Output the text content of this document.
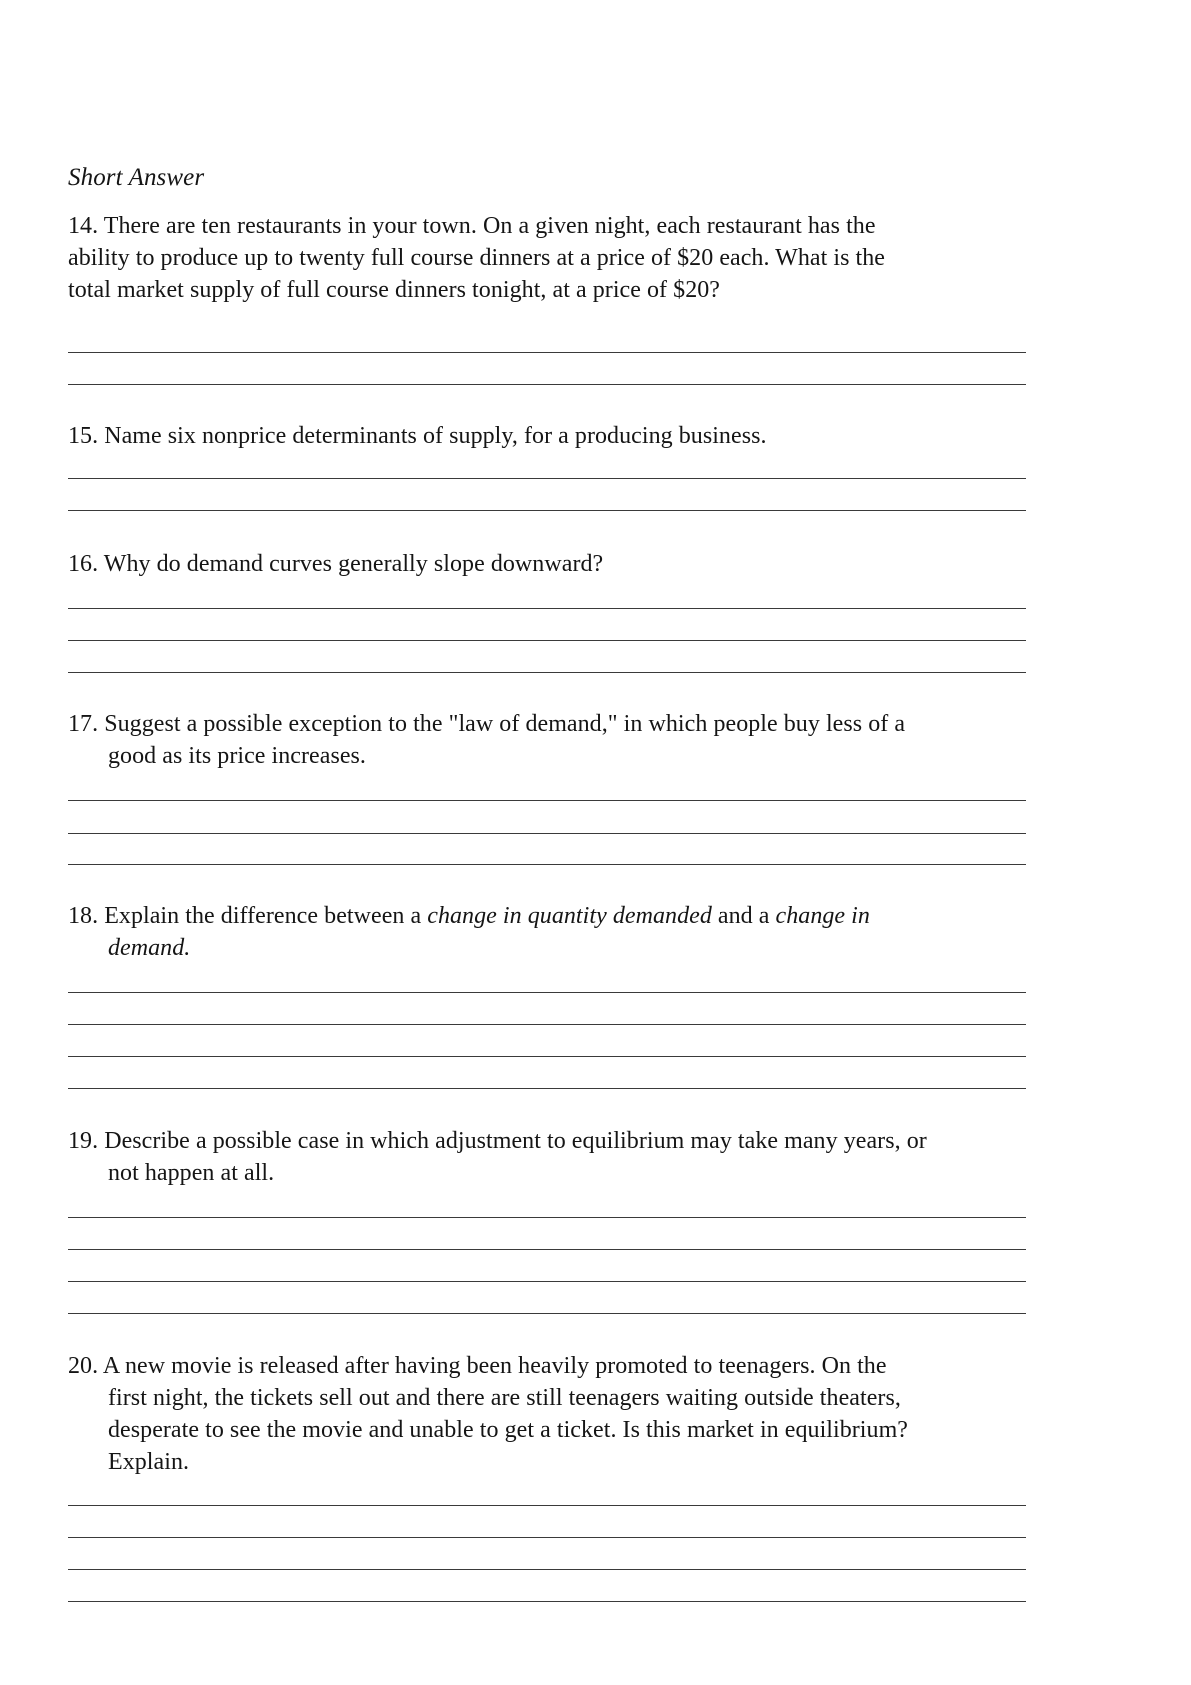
Short Answer
14. There are ten restaurants in your town. On a given night, each restaurant has the
ability to produce up to twenty full course dinners at a price of $20 each. What is the
total market supply of full course dinners tonight, at a price of $20?
15. Name six nonprice determinants of supply, for a producing business.
16. Why do demand curves generally slope downward?
17. Suggest a possible exception to the "law of demand," in which people buy less of a
good as its price increases.
18. Explain the difference between a change in quantity demanded and a change in
demand.
19. Describe a possible case in which adjustment to equilibrium may take many years, or
not happen at all.
20. A new movie is released after having been heavily promoted to teenagers. On the
first night, the tickets sell out and there are still teenagers waiting outside theaters,
desperate to see the movie and unable to get a ticket. Is this market in equilibrium?
Explain.
